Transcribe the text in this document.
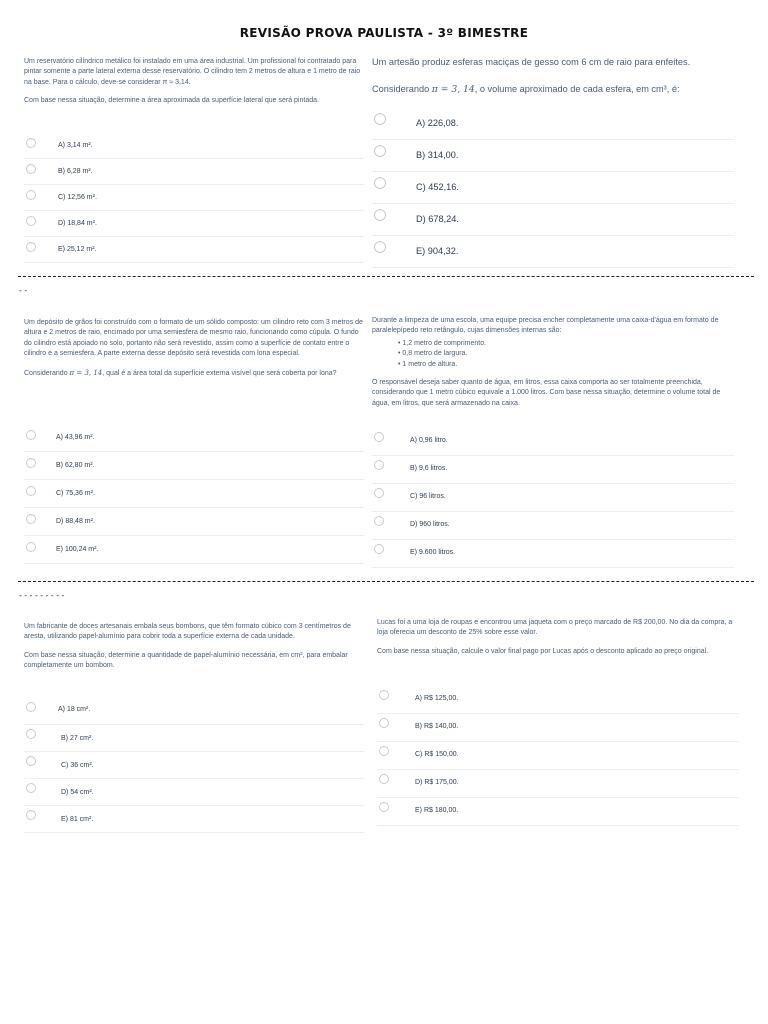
REVISÃO PROVA PAULISTA - 3º BIMESTRE

Um reservatório cilíndrico metálico foi instalado em uma área industrial. Um profissional foi contratado para pintar somente a parte lateral externa desse reservatório. O cilindro tem 2 metros de altura e 1 metro de raio na base. Para o cálculo, deve-se considerar π ≈ 3,14.

Com base nessa situação, determine a área aproximada da superfície lateral que será pintada.

A) 3,14 m².
B) 6,28 m².
C) 12,56 m².
D) 18,84 m².
E) 25,12 m².

Um artesão produz esferas maciças de gesso com 6 cm de raio para enfeites.

Considerando π = 3, 14, o volume aproximado de cada esfera, em cm³, é:

A) 226,08.
B) 314,00.
C) 452,16.
D) 678,24.
E) 904,32.
--

Um depósito de grãos foi construído com o formato de um sólido composto: um cilindro reto com 3 metros de altura e 2 metros de raio, encimado por uma semiesfera de mesmo raio, funcionando como cúpula. O fundo do cilindro está apoiado no solo, portanto não será revestido, assim como a superfície de contato entre o cilindro e a semiesfera. A parte externa desse depósito será revestida com lona especial.

Considerando π = 3, 14, qual é a área total da superfície externa visível que será coberta por lona?

A) 43,96 m².
B) 62,80 m².
C) 75,36 m².
D) 88,48 m².
E) 100,24 m².

Durante a limpeza de uma escola, uma equipe precisa encher completamente uma caixa-d'água em formato de paralelepípedo reto retângulo, cujas dimensões internas são:

• 1,2 metro de comprimento.
• 0,8 metro de largura.
• 1 metro de altura.

O responsável deseja saber quanto de água, em litros, essa caixa comporta ao ser totalmente preenchida, considerando que 1 metro cúbico equivale a 1.000 litros. Com base nessa situação, determine o volume total de água, em litros, que será armazenado na caixa.

A) 0,96 litro.
B) 9,6 litros.
C) 96 litros.
D) 960 litros.
E) 9.600 litros.
---------

Um fabricante de doces artesanais embala seus bombons, que têm formato cúbico com 3 centímetros de aresta, utilizando papel-alumínio para cobrir toda a superfície externa de cada unidade.

Com base nessa situação, determine a quantidade de papel-alumínio necessária, em cm², para embalar completamente um bombom.

A) 18 cm².
B) 27 cm².
C) 36 cm².
D) 54 cm².
E) 81 cm².

Lucas foi a uma loja de roupas e encontrou uma jaqueta com o preço marcado de R$ 200,00. No dia da compra, a loja oferecia um desconto de 25% sobre esse valor.

Com base nessa situação, calcule o valor final pago por Lucas após o desconto aplicado ao preço original.

A) R$ 125,00.
B) R$ 140,00.
C) R$ 150,00.
D) R$ 175,00.
E) R$ 180,00.
